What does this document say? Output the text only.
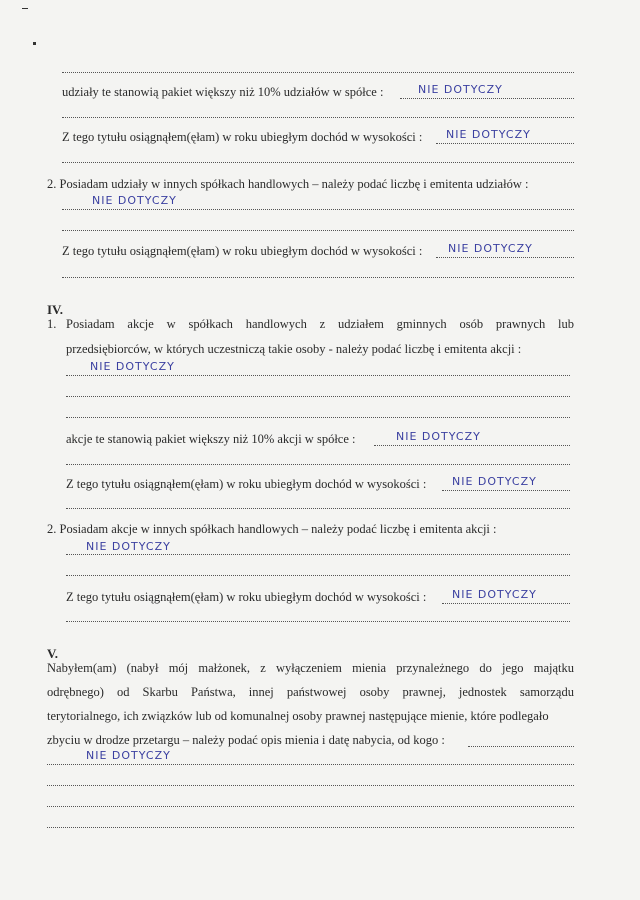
udziały te stanowią pakiet większy niż 10% udziałów w spółce :	NIE DOTYCZY
Z tego tytułu osiągnąłem(ęłam) w roku ubiegłym dochód w wysokości : NIE DOTYCZY
2. Posiadam udziały w innych spółkach handlowych – należy podać liczbę i emitenta udziałów :
NIE DOTYCZY
Z tego tytułu osiągnąłem(ęłam) w roku ubiegłym dochód w wysokości : NIE DOTYCZY
IV.
1. Posiadam akcje w spółkach handlowych z udziałem gminnych osób prawnych lub
przedsiębiorców, w których uczestniczą takie osoby - należy podać liczbę i emitenta akcji :
NIE DOTYCZY
akcje te stanowią pakiet większy niż 10% akcji w spółce :	NIE DOTYCZY
Z tego tytułu osiągnąłem(ęłam) w roku ubiegłym dochód w wysokości : NIE DOTYCZY
2. Posiadam akcje w innych spółkach handlowych – należy podać liczbę i emitenta akcji :
NIE DOTYCZY
Z tego tytułu osiągnąłem(ęłam) w roku ubiegłym dochód w wysokości : NIE DOTYCZY
V.
Nabyłem(am) (nabył mój małżonek, z wyłączeniem mienia przynależnego do jego majątku
odrębnego) od Skarbu Państwa, innej państwowej osoby prawnej, jednostek samorządu
terytorialnego, ich związków lub od komunalnej osoby prawnej następujące mienie, które podlegało
zbyciu w drodze przetargu – należy podać opis mienia i datę nabycia, od kogo :
NIE DOTYCZY
